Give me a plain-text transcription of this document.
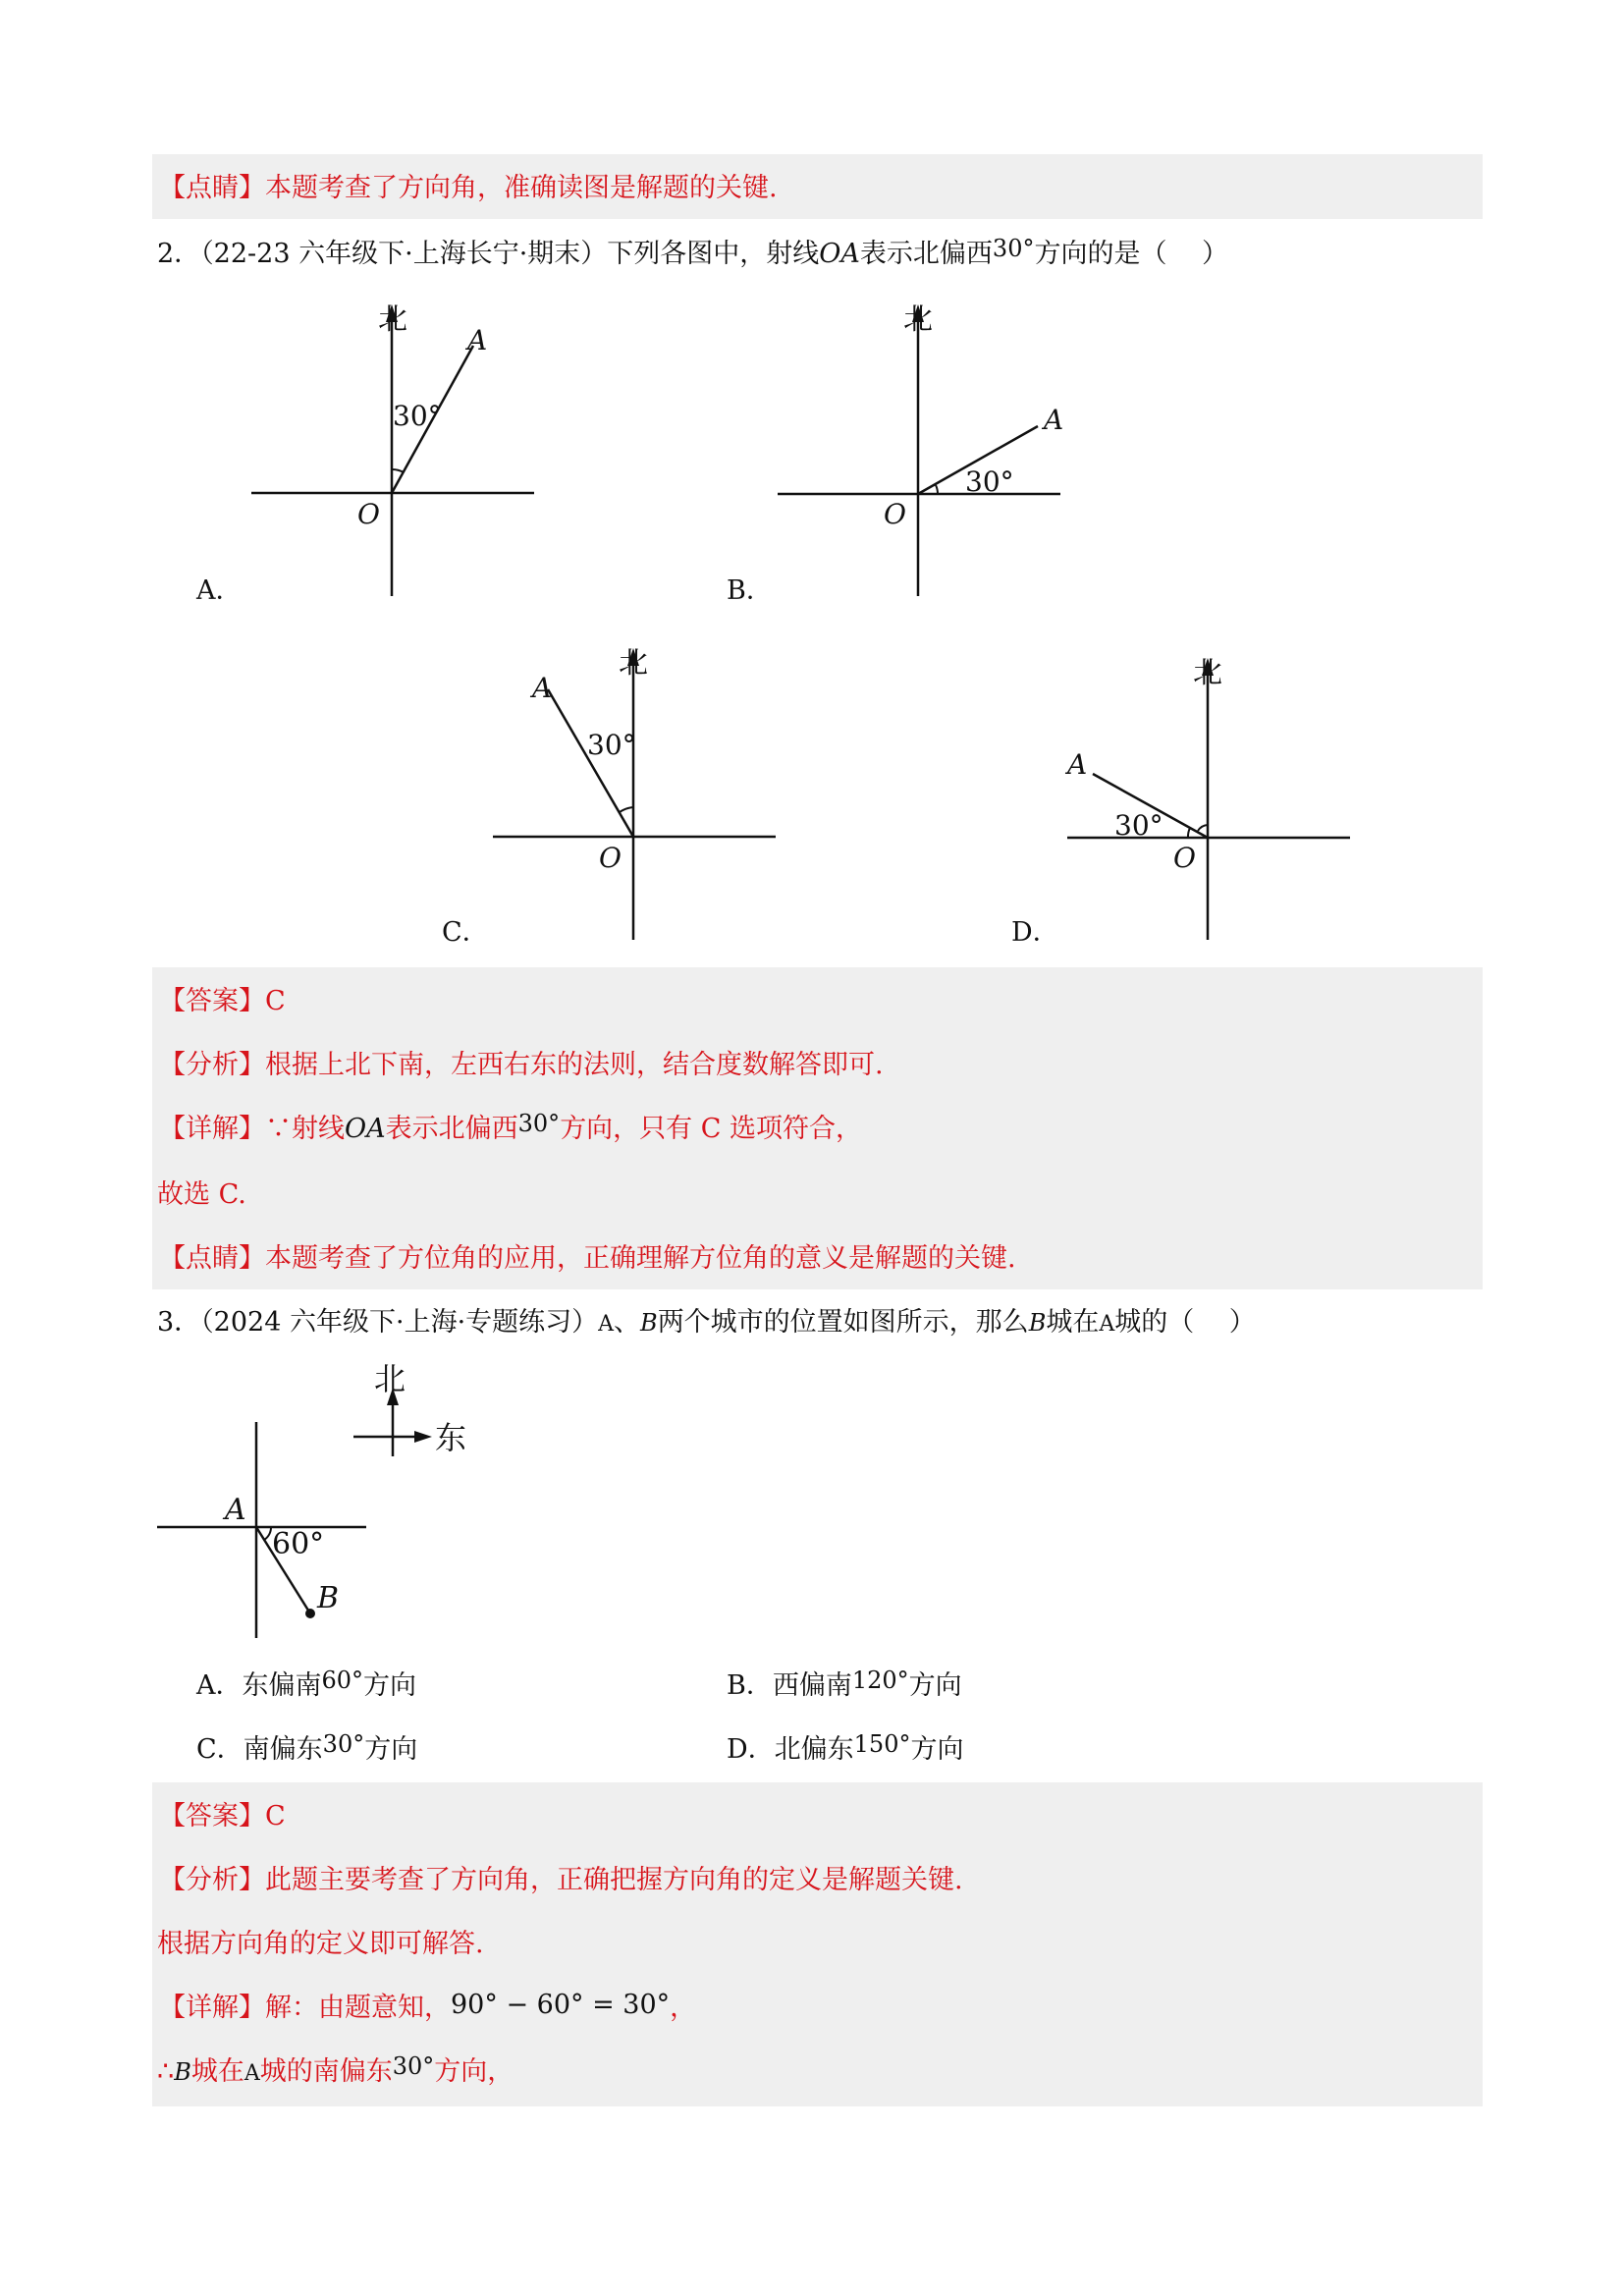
【点睛】本题考查了方向角，准确读图是解题的关键.
2．（22-23 六年级下·上海长宁·期末）下列各图中，射线OA表示北偏西30°方向的是（　 ）
北
A
30°
O
A．
北
A
30°
O
B．
北
A
30°
O
C．
北
A
30°
O
D．
【答案】C
【分析】根据上北下南，左西右东的法则，结合度数解答即可.
【详解】∵射线OA表示北偏西30°方向，只有 C 选项符合，
故选 C.
【点睛】本题考查了方位角的应用，正确理解方位角的意义是解题的关键.
3．（2024 六年级下·上海·专题练习）A、B两个城市的位置如图所示，那么B城在A城的（　 ）
北
东
A
60°
B
A．东偏南60°方向	B．西偏南120°方向
C．南偏东30°方向	D．北偏东150°方向
【答案】C
【分析】此题主要考查了方向角，正确把握方向角的定义是解题关键.
根据方向角的定义即可解答.
【详解】解：由题意知，90° − 60° = 30°，
∴B城在A城的南偏东30°方向，
